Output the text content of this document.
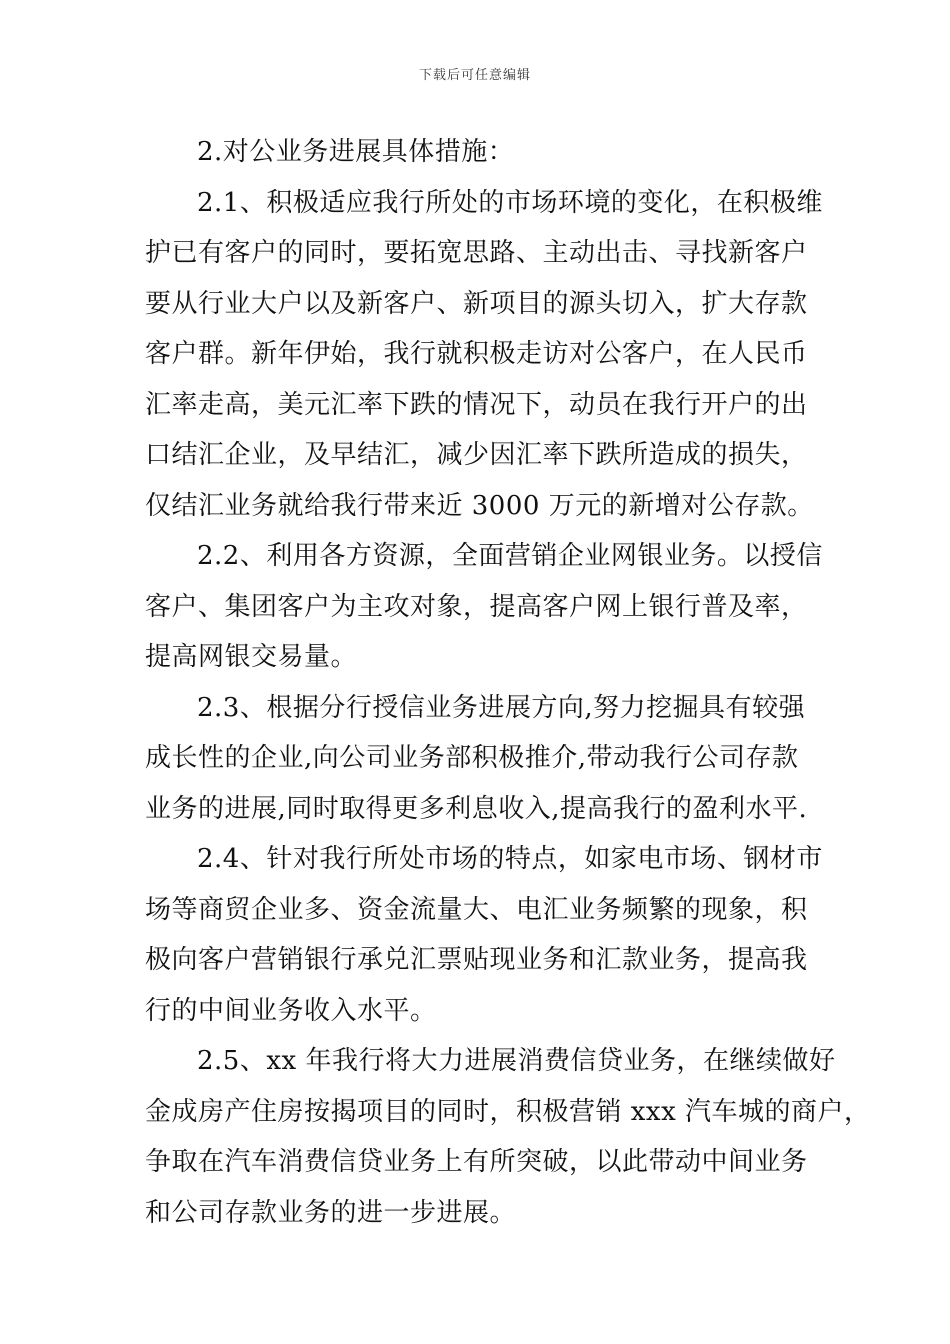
下载后可任意编辑

2.对公业务进展具体措施：

2.1、积极适应我行所处的市场环境的变化，在积极维
护已有客户的同时，要拓宽思路、主动出击、寻找新客户
要从行业大户以及新客户、新项目的源头切入，扩大存款
客户群。新年伊始，我行就积极走访对公客户，在人民币
汇率走高，美元汇率下跌的情况下，动员在我行开户的出
口结汇企业，及早结汇，减少因汇率下跌所造成的损失，
仅结汇业务就给我行带来近 3000 万元的新增对公存款。

2.2、利用各方资源，全面营销企业网银业务。以授信
客户、集团客户为主攻对象，提高客户网上银行普及率，
提高网银交易量。

2.3、根据分行授信业务进展方向,努力挖掘具有较强
成长性的企业,向公司业务部积极推介,带动我行公司存款
业务的进展,同时取得更多利息收入,提高我行的盈利水平.

2.4、针对我行所处市场的特点，如家电市场、钢材市
场等商贸企业多、资金流量大、电汇业务频繁的现象，积
极向客户营销银行承兑汇票贴现业务和汇款业务，提高我
行的中间业务收入水平。

2.5、xx 年我行将大力进展消费信贷业务，在继续做好
金成房产住房按揭项目的同时，积极营销 xxx 汽车城的商户，
争取在汽车消费信贷业务上有所突破，以此带动中间业务
和公司存款业务的进一步进展。
